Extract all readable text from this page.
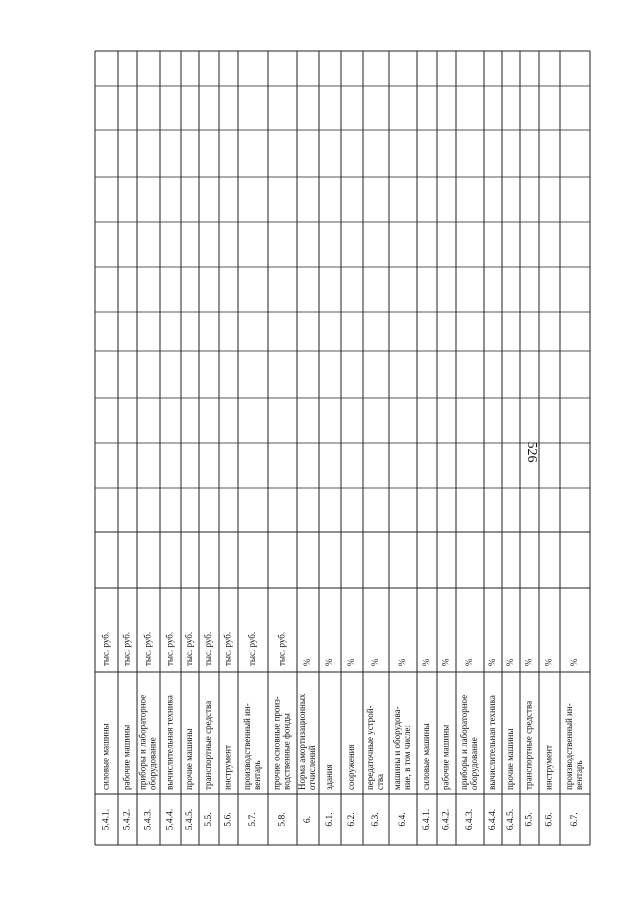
526
5.4.1.
силовые машины
тыс. руб.
5.4.2.
рабочие машины
тыс. руб.
5.4.3.
приборы и лабораторное оборудование
тыс. руб.
5.4.4.
вычислительная техника
тыс. руб.
5.4.5.
прочие машины
тыс. руб.
5.5.
транспортные средства
тыс. руб.
5.6.
инструмент
тыс. руб.
5.7.
производственный ин- вентарь
тыс. руб.
5.8.
прочие основные произ- водственные фонды
тыс. руб.
6.
Норма амортизационных отчислений
%
6.1.
здания
%
6.2.
сооружения
%
6.3.
передаточные устрой- ства
%
6.4.
машины и оборудова- ние, в том числе:
%
6.4.1.
силовые машины
%
6.4.2.
рабочие машины
%
6.4.3.
приборы и лабораторное оборудование
%
6.4.4.
вычислительная техника
%
6.4.5.
прочие машины
%
6.5.
транспортные средства
%
6.6.
инструмент
%
6.7.
производственный ин- вентарь
%
